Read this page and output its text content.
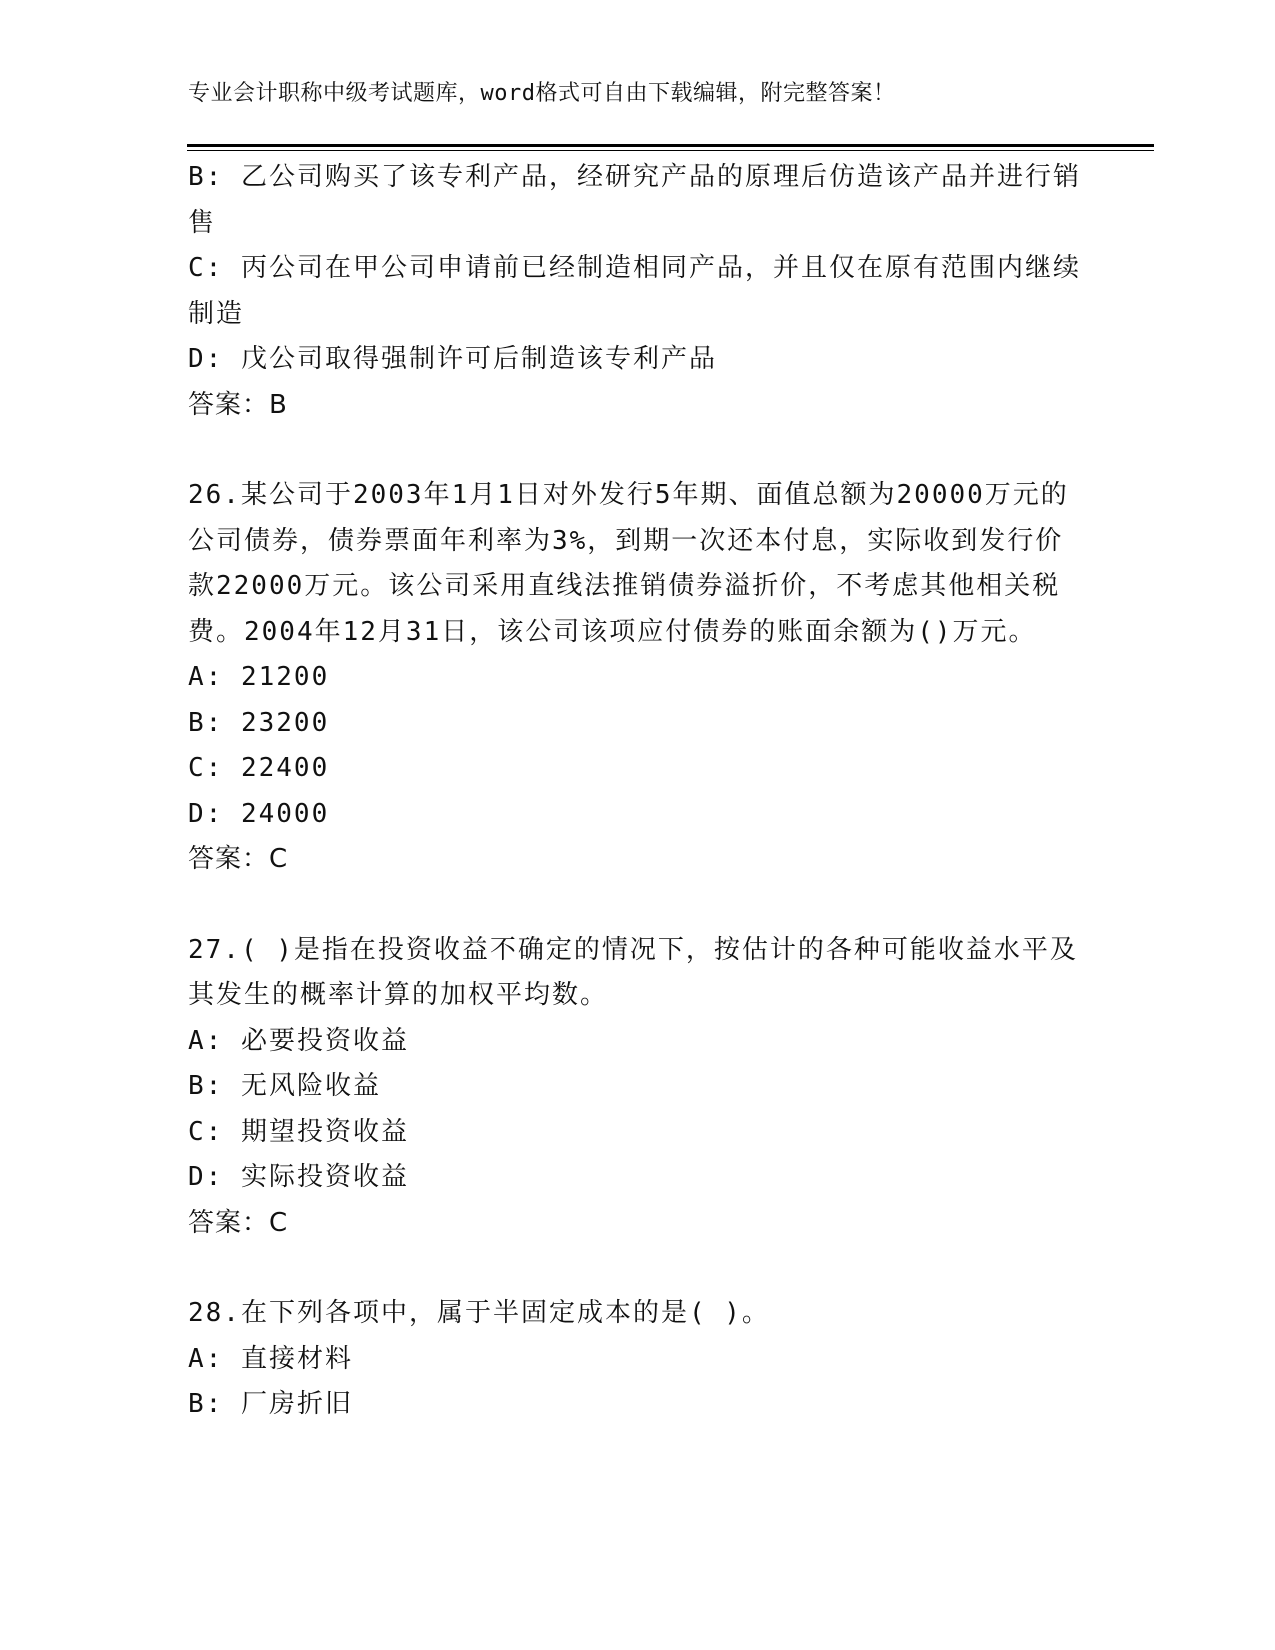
专业会计职称中级考试题库，word格式可自由下载编辑，附完整答案！

B: 乙公司购买了该专利产品，经研究产品的原理后仿造该产品并进行销售

C: 丙公司在甲公司申请前已经制造相同产品，并且仅在原有范围内继续制造

D: 戊公司取得强制许可后制造该专利产品

答案：B

26.某公司于2003年1月1日对外发行5年期、面值总额为20000万元的公司债券，债券票面年利率为3%，到期一次还本付息，实际收到发行价款22000万元。该公司采用直线法推销债券溢折价，不考虑其他相关税费。2004年12月31日，该公司该项应付债券的账面余额为()万元。

A: 21200

B: 23200

C: 22400

D: 24000

答案：C

27.( )是指在投资收益不确定的情况下，按估计的各种可能收益水平及其发生的概率计算的加权平均数。

A: 必要投资收益

B: 无风险收益

C: 期望投资收益

D: 实际投资收益

答案：C

28.在下列各项中，属于半固定成本的是( )。

A: 直接材料

B: 厂房折旧
